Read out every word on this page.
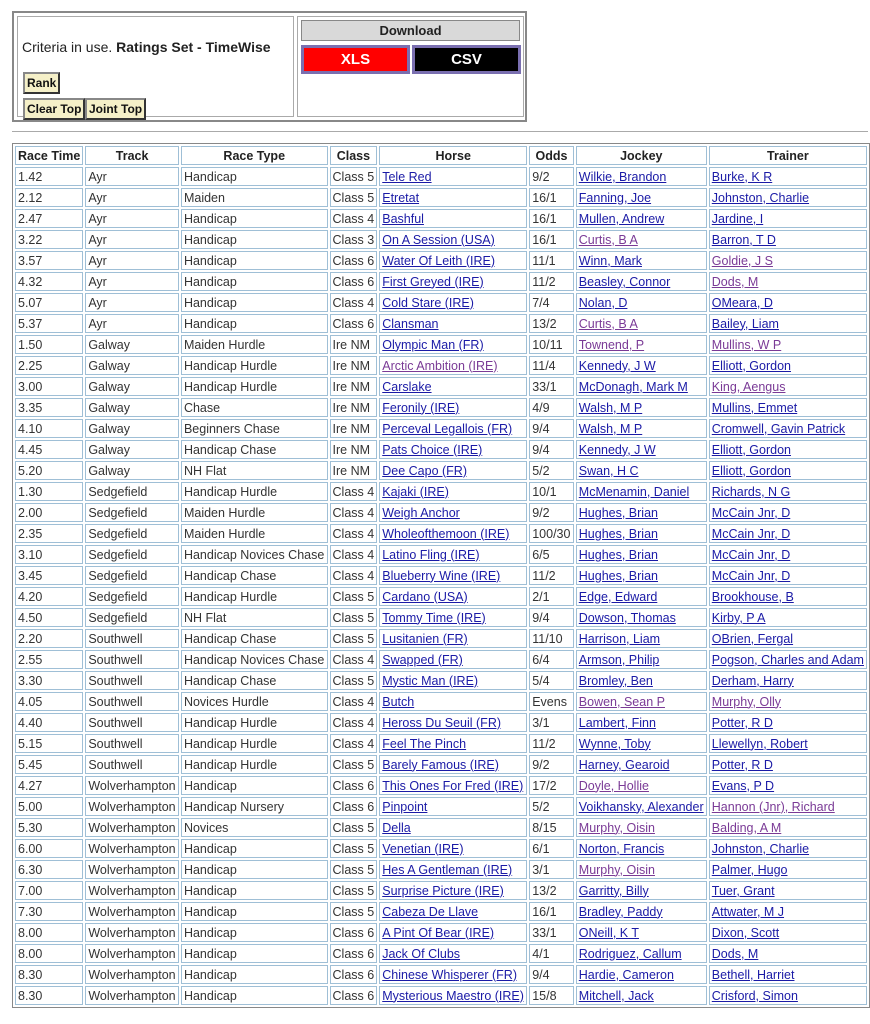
Criteria in use. Ratings Set - TimeWise
Rank
Clear Top Joint Top
Download
XLS	CSV
Race Time	Track	Race Type	Class	Horse	Odds	Jockey	Trainer
1.42	Ayr	Handicap	Class 5	Tele Red	9/2	Wilkie, Brandon	Burke, K R
2.12	Ayr	Maiden	Class 5	Etretat	16/1	Fanning, Joe	Johnston, Charlie
2.47	Ayr	Handicap	Class 4	Bashful	16/1	Mullen, Andrew	Jardine, I
3.22	Ayr	Handicap	Class 3	On A Session (USA)	16/1	Curtis, B A	Barron, T D
3.57	Ayr	Handicap	Class 6	Water Of Leith (IRE)	11/1	Winn, Mark	Goldie, J S
4.32	Ayr	Handicap	Class 6	First Greyed (IRE)	11/2	Beasley, Connor	Dods, M
5.07	Ayr	Handicap	Class 4	Cold Stare (IRE)	7/4	Nolan, D	OMeara, D
5.37	Ayr	Handicap	Class 6	Clansman	13/2	Curtis, B A	Bailey, Liam
1.50	Galway	Maiden Hurdle	Ire NM	Olympic Man (FR)	10/11	Townend, P	Mullins, W P
2.25	Galway	Handicap Hurdle	Ire NM	Arctic Ambition (IRE)	11/4	Kennedy, J W	Elliott, Gordon
3.00	Galway	Handicap Hurdle	Ire NM	Carslake	33/1	McDonagh, Mark M	King, Aengus
3.35	Galway	Chase	Ire NM	Feronily (IRE)	4/9	Walsh, M P	Mullins, Emmet
4.10	Galway	Beginners Chase	Ire NM	Perceval Legallois (FR)	9/4	Walsh, M P	Cromwell, Gavin Patrick
4.45	Galway	Handicap Chase	Ire NM	Pats Choice (IRE)	9/4	Kennedy, J W	Elliott, Gordon
5.20	Galway	NH Flat	Ire NM	Dee Capo (FR)	5/2	Swan, H C	Elliott, Gordon
1.30	Sedgefield	Handicap Hurdle	Class 4	Kajaki (IRE)	10/1	McMenamin, Daniel	Richards, N G
2.00	Sedgefield	Maiden Hurdle	Class 4	Weigh Anchor	9/2	Hughes, Brian	McCain Jnr, D
2.35	Sedgefield	Maiden Hurdle	Class 4	Wholeofthemoon (IRE)	100/30	Hughes, Brian	McCain Jnr, D
3.10	Sedgefield	Handicap Novices Chase	Class 4	Latino Fling (IRE)	6/5	Hughes, Brian	McCain Jnr, D
3.45	Sedgefield	Handicap Chase	Class 4	Blueberry Wine (IRE)	11/2	Hughes, Brian	McCain Jnr, D
4.20	Sedgefield	Handicap Hurdle	Class 5	Cardano (USA)	2/1	Edge, Edward	Brookhouse, B
4.50	Sedgefield	NH Flat	Class 5	Tommy Time (IRE)	9/4	Dowson, Thomas	Kirby, P A
2.20	Southwell	Handicap Chase	Class 5	Lusitanien (FR)	11/10	Harrison, Liam	OBrien, Fergal
2.55	Southwell	Handicap Novices Chase	Class 4	Swapped (FR)	6/4	Armson, Philip	Pogson, Charles and Adam
3.30	Southwell	Handicap Chase	Class 5	Mystic Man (IRE)	5/4	Bromley, Ben	Derham, Harry
4.05	Southwell	Novices Hurdle	Class 4	Butch	Evens	Bowen, Sean P	Murphy, Olly
4.40	Southwell	Handicap Hurdle	Class 4	Heross Du Seuil (FR)	3/1	Lambert, Finn	Potter, R D
5.15	Southwell	Handicap Hurdle	Class 4	Feel The Pinch	11/2	Wynne, Toby	Llewellyn, Robert
5.45	Southwell	Handicap Hurdle	Class 5	Barely Famous (IRE)	9/2	Harney, Gearoid	Potter, R D
4.27	Wolverhampton	Handicap	Class 6	This Ones For Fred (IRE)	17/2	Doyle, Hollie	Evans, P D
5.00	Wolverhampton	Handicap Nursery	Class 6	Pinpoint	5/2	Voikhansky, Alexander	Hannon (Jnr), Richard
5.30	Wolverhampton	Novices	Class 5	Della	8/15	Murphy, Oisin	Balding, A M
6.00	Wolverhampton	Handicap	Class 5	Venetian (IRE)	6/1	Norton, Francis	Johnston, Charlie
6.30	Wolverhampton	Handicap	Class 5	Hes A Gentleman (IRE)	3/1	Murphy, Oisin	Palmer, Hugo
7.00	Wolverhampton	Handicap	Class 5	Surprise Picture (IRE)	13/2	Garritty, Billy	Tuer, Grant
7.30	Wolverhampton	Handicap	Class 5	Cabeza De Llave	16/1	Bradley, Paddy	Attwater, M J
8.00	Wolverhampton	Handicap	Class 6	A Pint Of Bear (IRE)	33/1	ONeill, K T	Dixon, Scott
8.00	Wolverhampton	Handicap	Class 6	Jack Of Clubs	4/1	Rodriguez, Callum	Dods, M
8.30	Wolverhampton	Handicap	Class 6	Chinese Whisperer (FR)	9/4	Hardie, Cameron	Bethell, Harriet
8.30	Wolverhampton	Handicap	Class 6	Mysterious Maestro (IRE)	15/8	Mitchell, Jack	Crisford, Simon
